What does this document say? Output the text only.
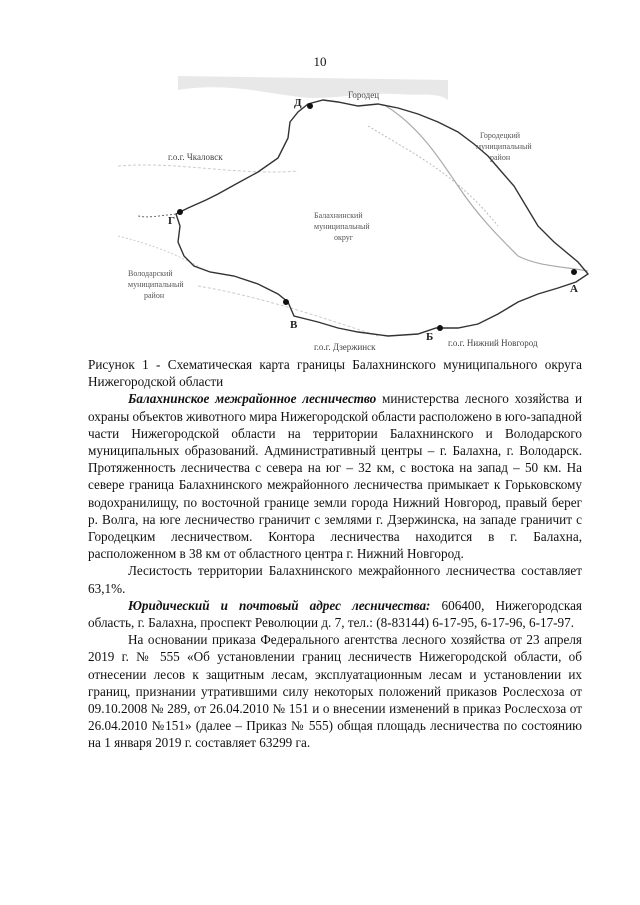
10
Д
Г
В
Б
А
г.о.г. Чкаловск
Городецкий
муниципальный
район
Балахнинский
муниципальный
округ
Володарский
муниципальный
район
г.о.г. Дзержинск	г.о.г. Нижний Новгород
Городец

Рисунок 1 - Схематическая карта границы Балахнинского муниципального округа Нижегородской области

Балахнинское межрайонное лесничество министерства лесного хозяйства и охраны объектов животного мира Нижегородской области расположено в юго-западной части Нижегородской области на территории Балахнинского и Володарского муниципальных образований. Административный центры – г. Балахна, г. Володарск. Протяженность лесничества с севера на юг – 32 км, с востока на запад – 50 км. На севере граница Балахнинского межрайонного лесничества примыкает к Горьковскому водохранилищу, по восточной границе земли города Нижний Новгород, правый берег р. Волга, на юге лесничество граничит с землями г. Дзержинска, на западе граничит с Городецким лесничеством. Контора лесничества находится в г. Балахна, расположенном в 38 км от областного центра г. Нижний Новгород.

Лесистость территории Балахнинского межрайонного лесничества составляет 63,1%.

Юридический и почтовый адрес лесничества: 606400, Нижегородская область, г. Балахна, проспект Революции д. 7, тел.: (8-83144) 6-17-95, 6-17-96, 6-17-97.

На основании приказа Федерального агентства лесного хозяйства от 23 апреля 2019 г. № 555 «Об установлении границ лесничеств Нижегородской области, об отнесении лесов к защитным лесам, эксплуатационным лесам и установлении их границ, признании утратившими силу некоторых положений приказов Рослесхоза от 09.10.2008 № 289, от 26.04.2010 № 151 и о внесении изменений в приказ Рослесхоза от 26.04.2010 №151» (далее – Приказ № 555) общая площадь лесничества по состоянию на 1 января 2019 г. составляет 63299 га.
